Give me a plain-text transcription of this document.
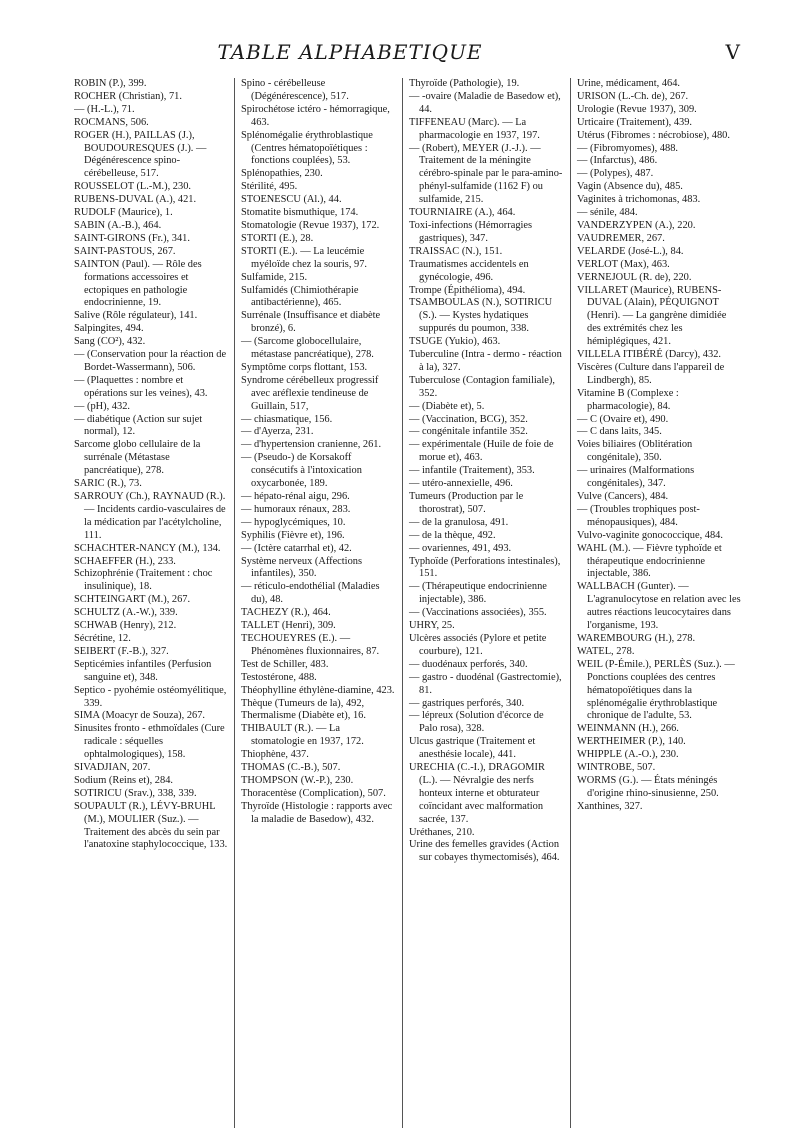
TABLE ALPHABETIQUE	V

ROBIN (P.), 399.

ROCHER (Christian), 71.

— (H.-L.), 71.

ROCMANS, 506.

ROGER (H.), PAILLAS (J.), BOUDOURESQUES (J.). — Dégénérescence spino-cérébelleuse, 517.

ROUSSELOT (L.-M.), 230.

RUBENS-DUVAL (A.), 421.

RUDOLF (Maurice), 1.

SABIN (A.-B.), 464.

SAINT-GIRONS (Fr.), 341.

SAINT-PASTOUS, 267.

SAINTON (Paul). — Rôle des formations accessoires et ectopiques en pathologie endocrinienne, 19.

Salive (Rôle régulateur), 141.

Salpingites, 494.

Sang (CO²), 432.

— (Conservation pour la réaction de Bordet-Wassermann), 506.

— (Plaquettes : nombre et opérations sur les veines), 43.

— (pH), 432.

— diabétique (Action sur sujet normal), 12.

Sarcome globo cellulaire de la surrénale (Métastase pancréatique), 278.

SARIC (R.), 73.

SARROUY (Ch.), RAYNAUD (R.). — Incidents cardio-vasculaires de la médication par l'acétylcholine, 111.

SCHACHTER-NANCY (M.), 134.

SCHAEFFER (H.), 233.

Schizophrénie (Traitement : choc insulinique), 18.

SCHTEINGART (M.), 267.

SCHULTZ (A.-W.), 339.

SCHWAB (Henry), 212.

Sécrétine, 12.

SEIBERT (F.-B.), 327.

Septicémies infantiles (Perfusion sanguine et), 348.

Septico - pyohémie ostéomyélitique, 339.

SIMA (Moacyr de Souza), 267.

Sinusites fronto - ethmoïdales (Cure radicale : séquelles ophtalmologiques), 158.

SIVADJIAN, 207.

Sodium (Reins et), 284.

SOTIRICU (Srav.), 338, 339.

SOUPAULT (R.), LÉVY-BRUHL (M.), MOULIER (Suz.). — Traitement des abcès du sein par l'anatoxine staphylococcique, 133.

Spino - cérébelleuse (Dégénérescence), 517.

Spirochétose ictéro - hémorragique, 463.

Splénomégalie érythroblastique (Centres hématopoïétiques : fonctions couplées), 53.

Splénopathies, 230.

Stérilité, 495.

STOENESCU (Al.), 44.

Stomatite bismuthique, 174.

Stomatologie (Revue 1937), 172.

STORTI (E.), 28.

STORTI (E.). — La leucémie myéloïde chez la souris, 97.

Sulfamide, 215.

Sulfamidés (Chimiothérapie antibactérienne), 465.

Surrénale (Insuffisance et diabète bronzé), 6.

— (Sarcome globocellulaire, métastase pancréatique), 278.

Symptôme corps flottant, 153.

Syndrome cérébelleux progressif avec aréflexie tendineuse de Guillain, 517,

— chiasmatique, 156.

— d'Ayerza, 231.

— d'hypertension cranienne, 261.

— (Pseudo-) de Korsakoff consécutifs à l'intoxication oxycarbonée, 189.

— hépato-rénal aigu, 296.

— humoraux rénaux, 283.

— hypoglycémiques, 10.

Syphilis (Fièvre et), 196.

— (Ictère catarrhal et), 42.

Système nerveux (Affections infantiles), 350.

— réticulo-endothélial (Maladies du), 48.

TACHEZY (R.), 464.

TALLET (Henri), 309.

TECHOUEYRES (E.). — Phénomènes fluxionnaires, 87.

Test de Schiller, 483.

Testostérone, 488.

Théophylline éthylène-diamine, 423.

Thèque (Tumeurs de la), 492,

Thermalisme (Diabète et), 16.

THIBAULT (R.). — La stomatologie en 1937, 172.

Thiophène, 437.

THOMAS (C.-B.), 507.

THOMPSON (W.-P.), 230.

Thoracentèse (Complication), 507.

Thyroïde (Histologie : rapports avec la maladie de Basedow), 432.

Thyroïde (Pathologie), 19.

— -ovaire (Maladie de Basedow et), 44.

TIFFENEAU (Marc). — La pharmacologie en 1937, 197.

— (Robert), MEYER (J.-J.). — Traitement de la méningite cérébro-spinale par le para-amino-phényl-sulfamide (1162 F) ou sulfamide, 215.

TOURNIAIRE (A.), 464.

Toxi-infections (Hémorragies gastriques), 347.

TRAISSAC (N.), 151.

Traumatismes accidentels en gynécologie, 496.

Trompe (Épithélioma), 494.

TSAMBOULAS (N.), SOTIRICU (S.). — Kystes hydatiques suppurés du poumon, 338.

TSUGE (Yukio), 463.

Tuberculine (Intra - dermo - réaction à la), 327.

Tuberculose (Contagion familiale), 352.

— (Diabète et), 5.

— (Vaccination, BCG), 352.

— congénitale infantile 352.

— expérimentale (Huile de foie de morue et), 463.

— infantile (Traitement), 353.

— utéro-annexielle, 496.

Tumeurs (Production par le thorostrat), 507.

— de la granulosa, 491.

— de la thèque, 492.

— ovariennes, 491, 493.

Typhoïde (Perforations intestinales), 151.

— (Thérapeutique endocrinienne injectable), 386.

— (Vaccinations associées), 355.

UHRY, 25.

Ulcères associés (Pylore et petite courbure), 121.

— duodénaux perforés, 340.

— gastro - duodénal (Gastrectomie), 81.

— gastriques perforés, 340.

— lépreux (Solution d'écorce de Palo rosa), 328.

Ulcus gastrique (Traitement et anesthésie locale), 441.

URECHIA (C.-I.), DRAGOMIR (L.). — Névralgie des nerfs honteux interne et obturateur coïncidant avec malformation sacrée, 137.

Uréthanes, 210.

Urine des femelles gravides (Action sur cobayes thymectomisés), 464.

Urine, médicament, 464.

URISON (L.-Ch. de), 267.

Urologie (Revue 1937), 309.

Urticaire (Traitement), 439.

Utérus (Fibromes : nécrobiose), 480.

— (Fibromyomes), 488.

— (Infarctus), 486.

— (Polypes), 487.

Vagin (Absence du), 485.

Vaginites à trichomonas, 483.

— sénile, 484.

VANDERZYPEN (A.), 220.

VAUDREMER, 267.

VELARDE (José-L.), 84.

VERLOT (Max), 463.

VERNEJOUL (R. de), 220.

VILLARET (Maurice), RUBENS-DUVAL (Alain), PÉQUIGNOT (Henri). — La gangrène dimidiée des extrémités chez les hémiplégiques, 421.

VILLELA ITIBÉRÉ (Darcy), 432.

Viscères (Culture dans l'appareil de Lindbergh), 85.

Vitamine B (Complexe : pharmacologie), 84.

— C (Ovaire et), 490.

— C dans laits, 345.

Voies biliaires (Oblitération congénitale), 350.

— urinaires (Malformations congénitales), 347.

Vulve (Cancers), 484.

— (Troubles trophiques post-ménopausiques), 484.

Vulvo-vaginite gonococcique, 484.

WAHL (M.). — Fièvre typhoïde et thérapeutique endocrinienne injectable, 386.

WALLBACH (Gunter). — L'agranulocytose en relation avec les autres réactions leucocytaires dans l'organisme, 193.

WAREMBOURG (H.), 278.

WATEL, 278.

WEIL (P-Émile.), PERLÈS (Suz.). — Ponctions couplées des centres hématopoïétiques dans la splénomégalie érythroblastique chronique de l'adulte, 53.

WEINMANN (H.), 266.

WERTHEIMER (P.), 140.

WHIPPLE (A.-O.), 230.

WINTROBE, 507.

WORMS (G.). — États méningés d'origine rhino-sinusienne, 250.

Xanthines, 327.
